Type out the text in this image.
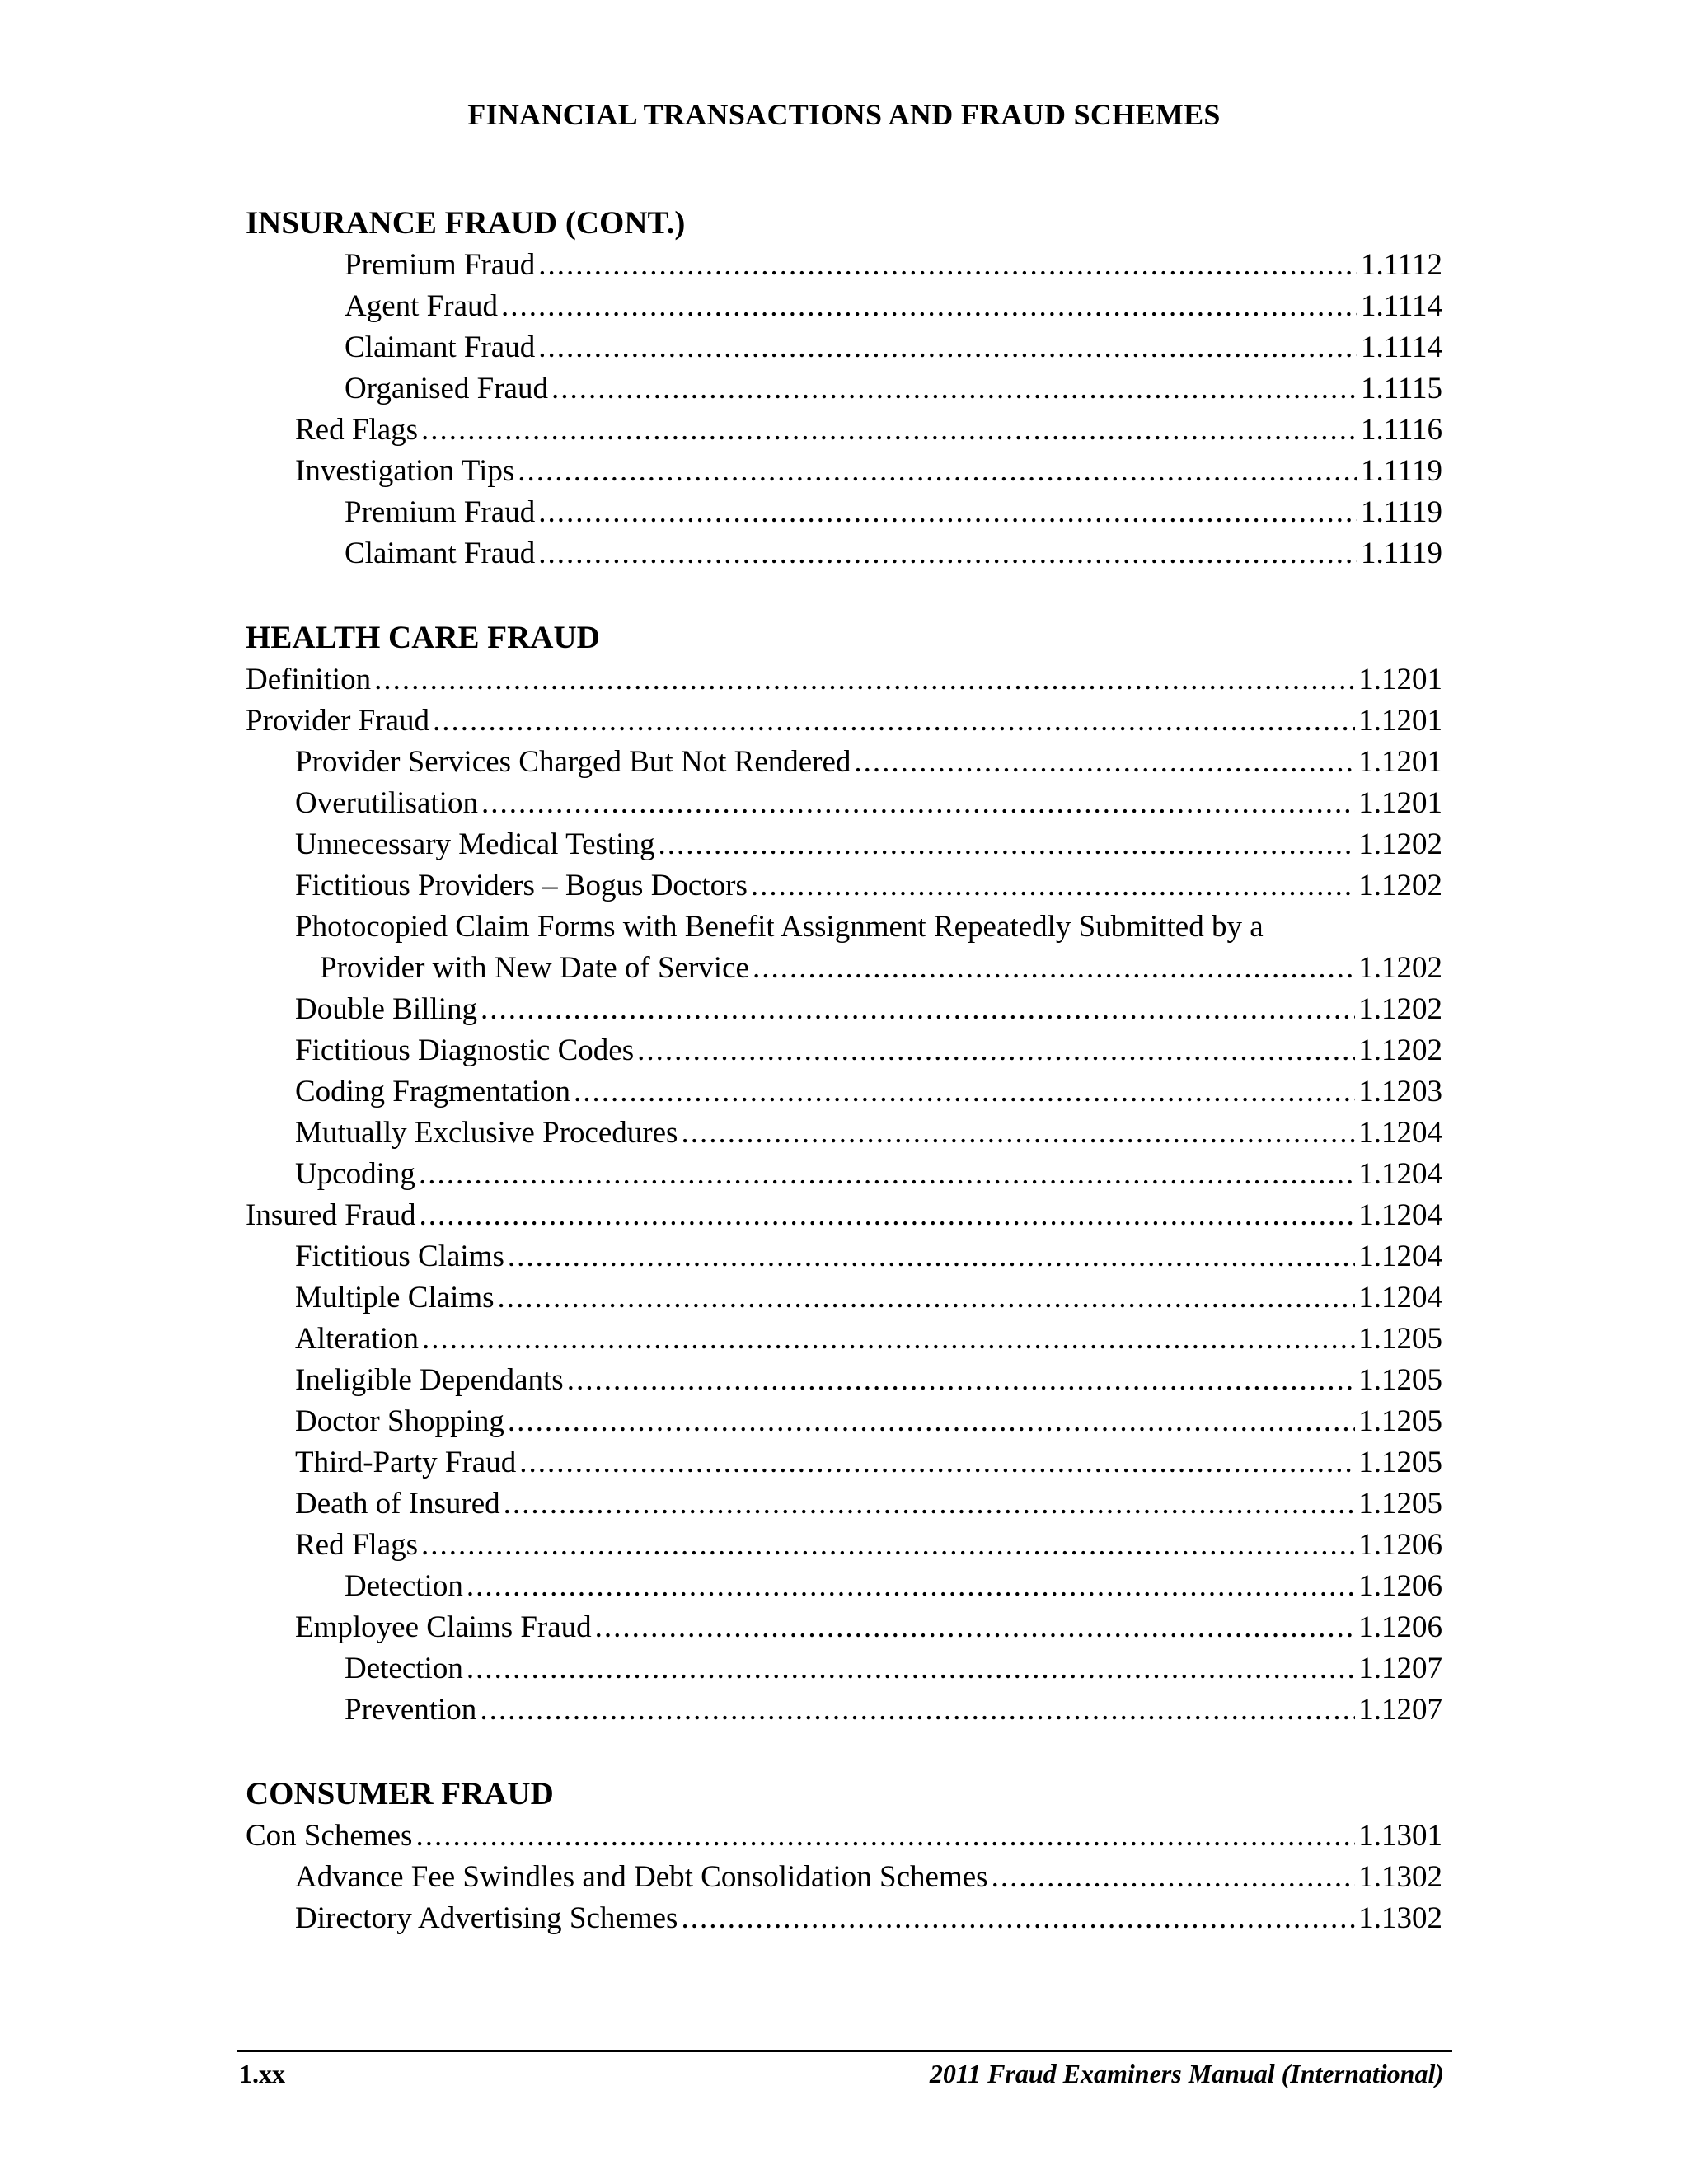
FINANCIAL TRANSACTIONS AND FRAUD SCHEMES
INSURANCE FRAUD (CONT.)
Premium Fraud .....	1.1112
Agent Fraud .....	1.1114
Claimant Fraud .....	1.1114
Organised Fraud .....	1.1115
Red Flags .....	1.1116
Investigation Tips .....	1.1119
Premium Fraud .....	1.1119
Claimant Fraud .....	1.1119
HEALTH CARE FRAUD
Definition .....	1.1201
Provider Fraud .....	1.1201
Provider Services Charged But Not Rendered .....	1.1201
Overutilisation .....	1.1201
Unnecessary Medical Testing .....	1.1202
Fictitious Providers – Bogus Doctors .....	1.1202
Photocopied Claim Forms with Benefit Assignment Repeatedly Submitted by a
Provider with New Date of Service .....	1.1202
Double Billing .....	1.1202
Fictitious Diagnostic Codes .....	1.1202
Coding Fragmentation .....	1.1203
Mutually Exclusive Procedures .....	1.1204
Upcoding .....	1.1204
Insured Fraud .....	1.1204
Fictitious Claims .....	1.1204
Multiple Claims .....	1.1204
Alteration .....	1.1205
Ineligible Dependants .....	1.1205
Doctor Shopping .....	1.1205
Third-Party Fraud .....	1.1205
Death of Insured .....	1.1205
Red Flags .....	1.1206
Detection .....	1.1206
Employee Claims Fraud .....	1.1206
Detection .....	1.1207
Prevention .....	1.1207
CONSUMER FRAUD
Con Schemes .....	1.1301
Advance Fee Swindles and Debt Consolidation Schemes .....	1.1302
Directory Advertising Schemes .....	1.1302
1.xx	2011 Fraud Examiners Manual (International)
